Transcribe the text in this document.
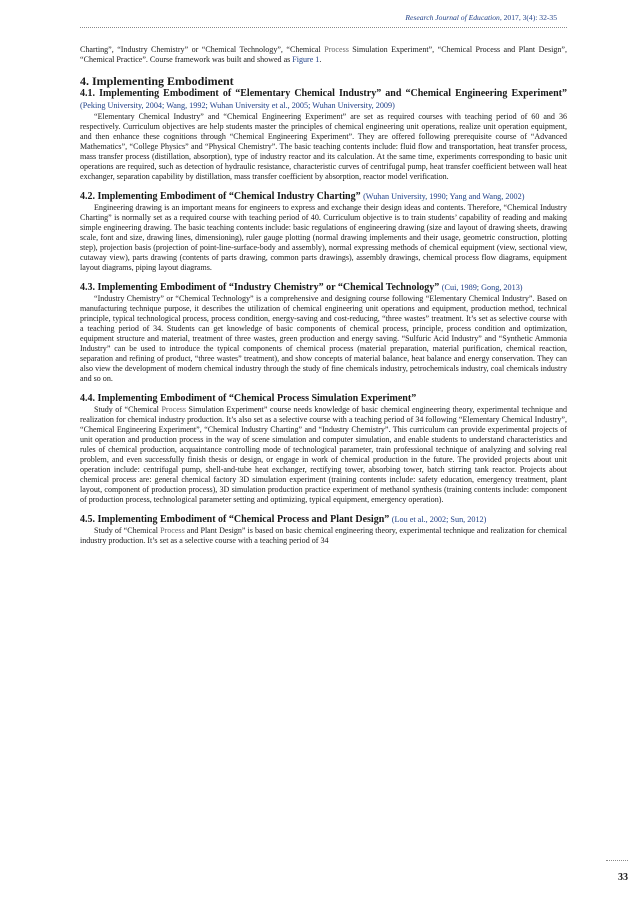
Research Journal of Education, 2017, 3(4): 32-35

Charting”, “Industry Chemistry” or “Chemical Technology”, “Chemical Process Simulation Experiment”, “Chemical Process and Plant Design”, “Chemical Practice”. Course framework was built and showed as Figure 1.

4. Implementing Embodiment
4.1. Implementing Embodiment of “Elementary Chemical Industry” and “Chemical Engineering Experiment” (Peking University, 2004; Wang, 1992; Wuhan University et al., 2005; Wuhan University, 2009)

“Elementary Chemical Industry” and “Chemical Engineering Experiment” are set as required courses with teaching period of 60 and 36 respectively. Curriculum objectives are help students master the principles of chemical engineering unit operations, realize unit operation equipment, and then enhance these cognitions through “Chemical Engineering Experiment”. They are offered following prerequisite course of “Advanced Mathematics”, “College Physics” and “Physical Chemistry”. The basic teaching contents include: fluid flow and transportation, heat transfer process, mass transfer process (distillation, absorption), type of industry reactor and its calculation. At the same time, experiments corresponding to basic unit operations are required, such as detection of hydraulic resistance, characteristic curves of centrifugal pump, heat transfer coefficient between wall heat exchanger, separation capability by distillation, mass transfer coefficient by absorption, reactor model verification.

4.2. Implementing Embodiment of “Chemical Industry Charting” (Wuhan University, 1990; Yang and Wang, 2002)

Engineering drawing is an important means for engineers to express and exchange their design ideas and contents. Therefore, “Chemical Industry Charting” is normally set as a required course with teaching period of 40. Curriculum objective is to train students’ capability of reading and making simple engineering drawing. The basic teaching contents include: basic regulations of engineering drawing (size and layout of drawing sheets, drawing scale, font and size, drawing lines, dimensioning), ruler gauge plotting (normal drawing implements and their usage, geometric construction, plotting step), projection basis (projection of point-line-surface-body and assembly), normal expressing methods of chemical equipment (view, sectional view, cutaway view), parts drawing (contents of parts drawing, common parts drawings), assembly drawings, chemical process flow diagrams, equipment layout diagrams, piping layout diagrams.

4.3. Implementing Embodiment of “Industry Chemistry” or “Chemical Technology” (Cui, 1989; Gong, 2013)

“Industry Chemistry” or “Chemical Technology” is a comprehensive and designing course following “Elementary Chemical Industry”. Based on manufacturing technique purpose, it describes the utilization of chemical engineering unit operations and equipment, production method, technical principle, typical technological process, process condition, energy-saving and cost-reducing, “three wastes” treatment. It’s set as selective course with a teaching period of 34. Students can get knowledge of basic components of chemical process, principle, process condition and optimization, equipment structure and material, treatment of three wastes, green production and energy saving. “Sulfuric Acid Industry” and “Synthetic Ammonia Industry” can be used to introduce the typical components of chemical process (material preparation, material purification, chemical reaction, separation and refining of product, “three wastes” treatment), and show concepts of material balance, heat balance and energy conservation. They can also view the development of modern chemical industry through the study of fine chemicals industry, petrochemicals industry, coal chemicals industry and so on.

4.4. Implementing Embodiment of “Chemical Process Simulation Experiment”

Study of “Chemical Process Simulation Experiment” course needs knowledge of basic chemical engineering theory, experimental technique and realization for chemical industry production. It’s also set as a selective course with a teaching period of 34 following “Elementary Chemical Industry”, “Chemical Engineering Experiment”, “Chemical Industry Charting” and “Industry Chemistry”. This curriculum can provide experimental projects of unit operation and production process in the way of scene simulation and computer simulation, and enable students to understand characteristics and rules of chemical production, acquaintance controlling mode of technological parameter, train professional technique of analyzing and solving real problem, and even successfully finish thesis or design, or engage in work of chemical production in the future. The provided projects about unit operation include: centrifugal pump, shell-and-tube heat exchanger, rectifying tower, absorbing tower, batch stirring tank reactor. Projects about chemical process are: general chemical factory 3D simulation experiment (training contents include: safety education, emergency treatment, plant layout, component of production process), 3D simulation production practice experiment of methanol synthesis (training contents include: component of production process, technological parameter setting and optimizing, typical equipment, emergency operation).

4.5. Implementing Embodiment of “Chemical Process and Plant Design” (Lou et al., 2002; Sun, 2012)

Study of “Chemical Process and Plant Design” is based on basic chemical engineering theory, experimental technique and realization for chemical industry production. It’s set as a selective course with a teaching period of 34

33
